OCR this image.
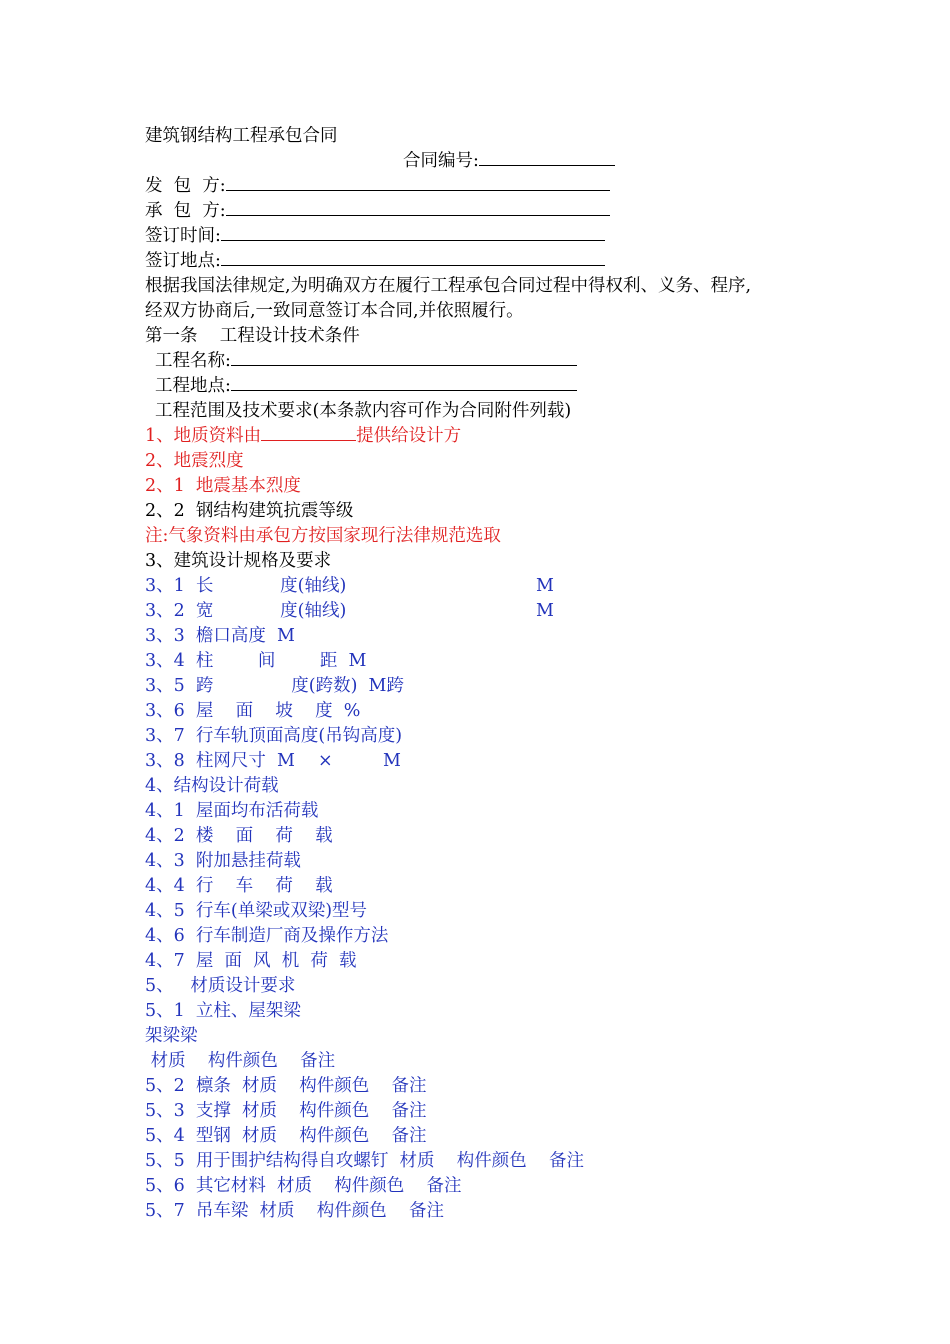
建筑钢结构工程承包合同
合同编号:
发  包  方:
承  包  方:
签订时间:
签订地点:
根据我国法律规定,为明确双方在履行工程承包合同过程中得权利、义务、程序,
经双方协商后,一致同意签订本合同,并依照履行。
第一条    工程设计技术条件
工程名称:
工程地点:
工程范围及技术要求(本条款内容可作为合同附件列载)
1、地质资料由	提供给设计方
2、地震烈度
2、1  地震基本烈度
2、2  钢结构建筑抗震等级
注:气象资料由承包方按国家现行法律规范选取
3、建筑设计规格及要求
3、1  长            度(轴线)	M
3、2  宽            度(轴线)	M
3、3  檐口高度  M
3、4  柱        间        距  M
3、5  跨              度(跨数)  M跨
3、6  屋    面    坡    度  %
3、7  行车轨顶面高度(吊钩高度)
3、8  柱网尺寸  M ×	M
4、结构设计荷载
4、1  屋面均布活荷载
4、2  楼    面    荷    载
4、3  附加悬挂荷载
4、4  行    车    荷    载
4、5  行车(单梁或双梁)型号
4、6  行车制造厂商及操作方法
4、7  屋  面  风  机  荷  载
5、   材质设计要求
5、1  立柱、屋架梁
架梁梁
材质    构件颜色    备注
5、2  檩条  材质    构件颜色    备注
5、3  支撑  材质    构件颜色    备注
5、4  型钢  材质    构件颜色    备注
5、5  用于围护结构得自攻螺钉  材质    构件颜色    备注
5、6  其它材料  材质    构件颜色    备注
5、7  吊车梁  材质    构件颜色    备注
